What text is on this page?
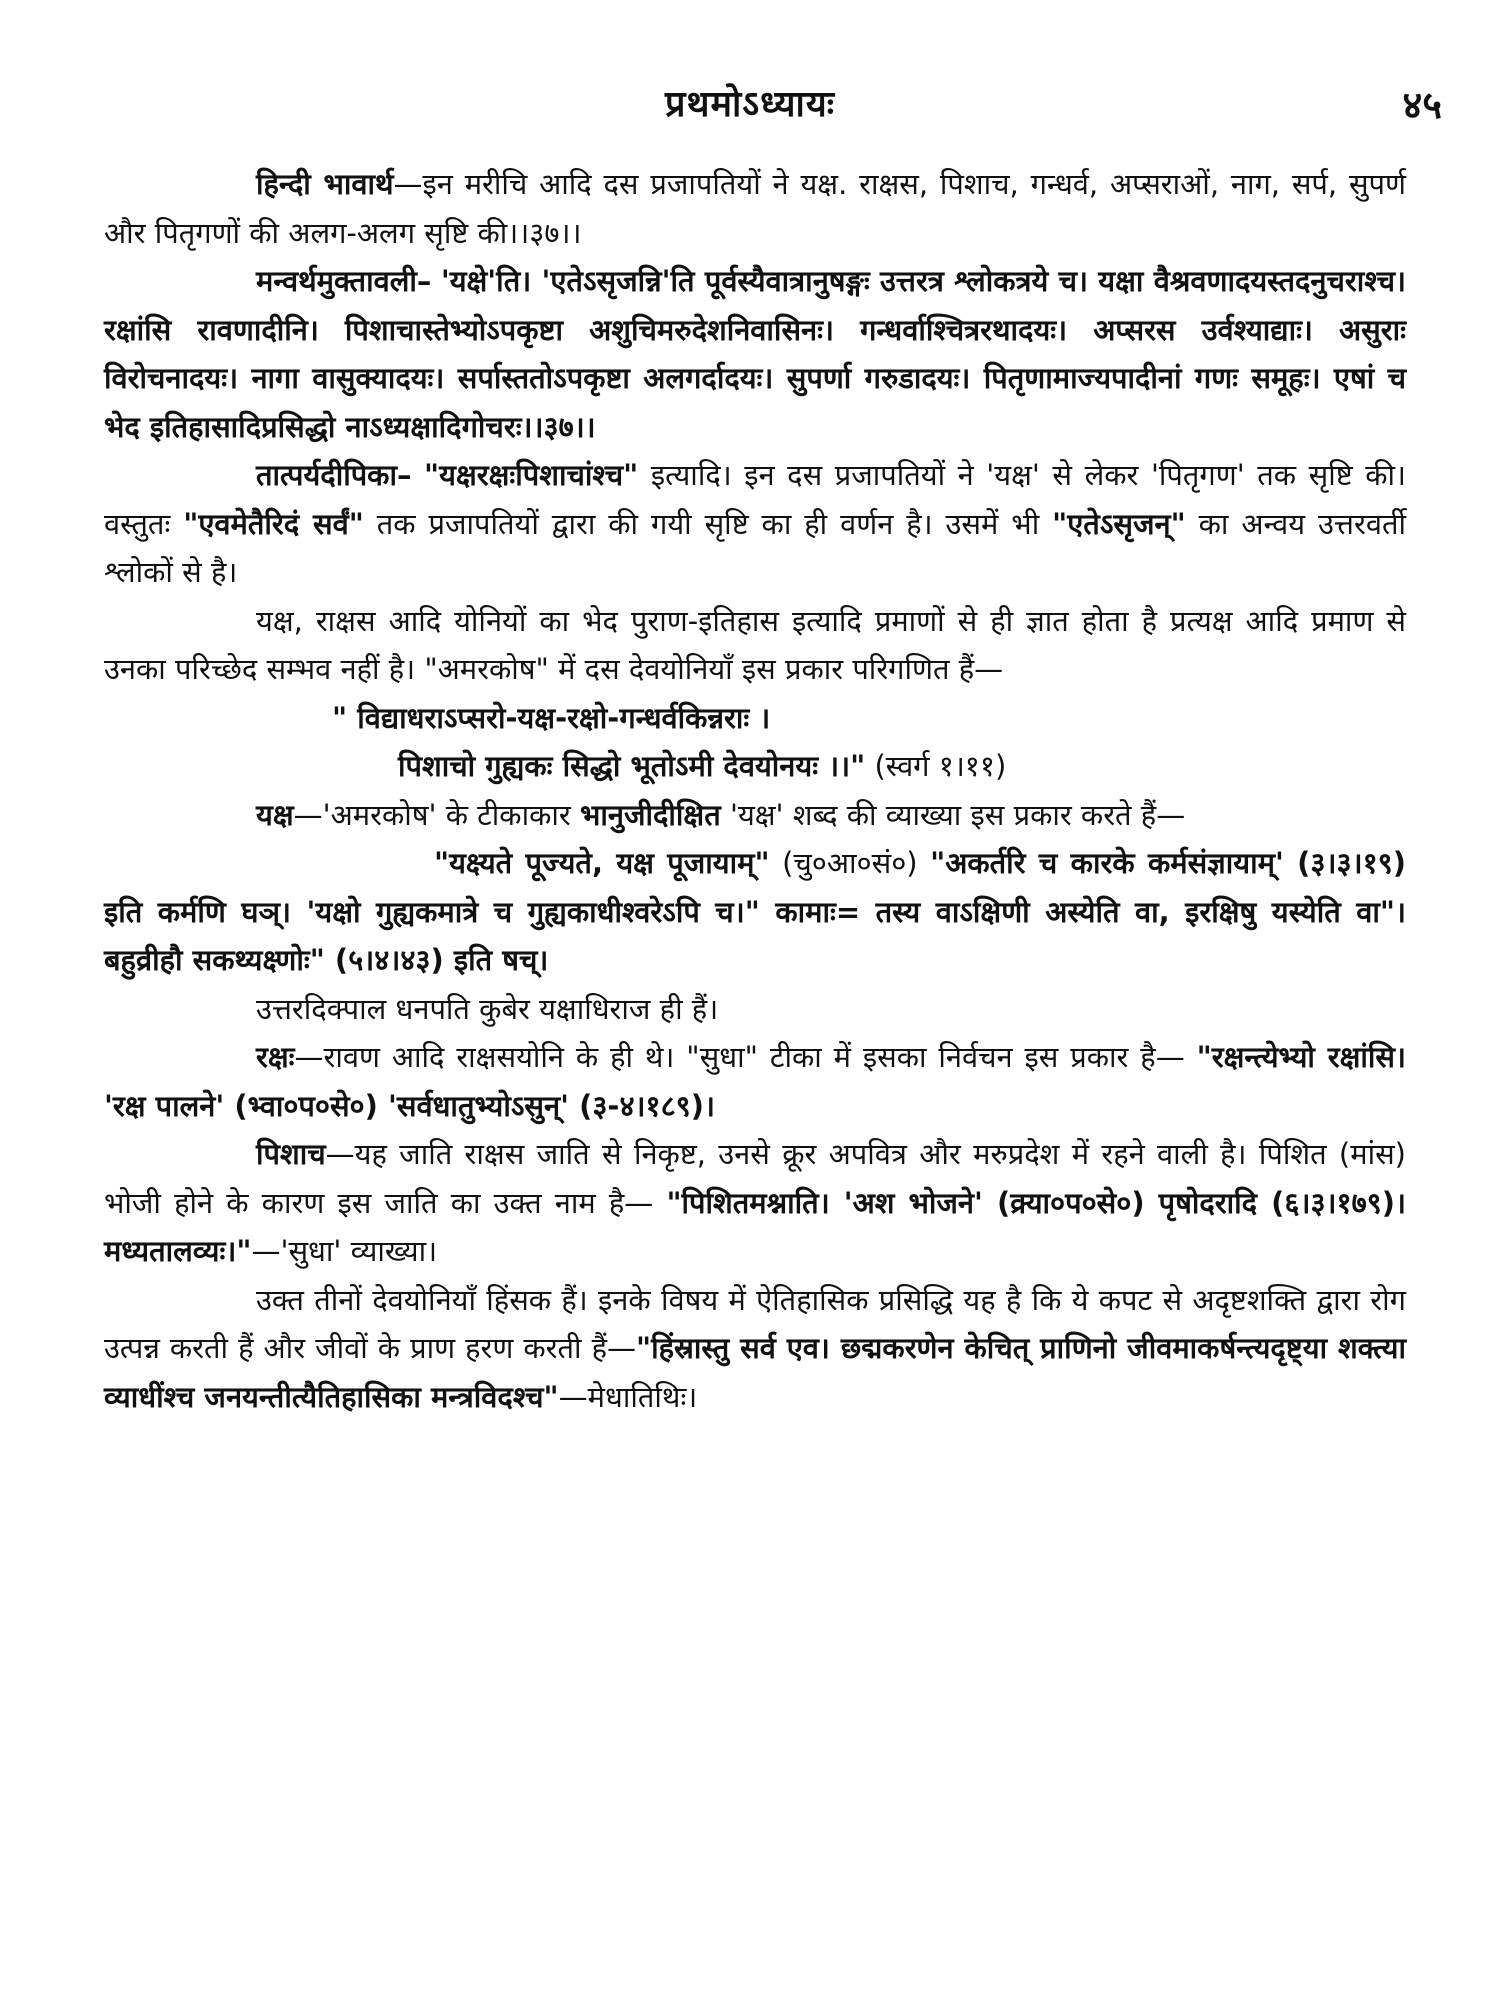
प्रथमोऽध्यायः	४५

हिन्दी भावार्थ—इन मरीचि आदि दस प्रजापतियों ने यक्ष. राक्षस, पिशाच, गन्धर्व, अप्सराओं, नाग, सर्प, सुपर्ण और पितृगणों की अलग-अलग सृष्टि की।।३७।।

मन्वर्थमुक्तावली– 'यक्षे'ति। 'एतेऽसृजन्नि'ति पूर्वस्यैवात्रानुषङ्गः उत्तरत्र श्लोकत्रये च। यक्षा वैश्रवणादयस्तदनुचराश्च। रक्षांसि रावणादीनि। पिशाचास्तेभ्योऽपकृष्टा अशुचिमरुदेशनिवासिनः। गन्धर्वाश्चित्ररथादयः। अप्सरस उर्वश्याद्याः। असुराः विरोचनादयः। नागा वासुक्यादयः। सर्पास्ततोऽपकृष्टा अलगर्दादयः। सुपर्णा गरुडादयः। पितृणामाज्यपादीनां गणः समूहः। एषां च भेद इतिहासादिप्रसिद्धो नाऽध्यक्षादिगोचरः।।३७।।

तात्पर्यदीपिका– "यक्षरक्षःपिशाचांश्च" इत्यादि। इन दस प्रजापतियों ने 'यक्ष' से लेकर 'पितृगण' तक सृष्टि की। वस्तुतः "एवमेतैरिदं सर्वं" तक प्रजापतियों द्वारा की गयी सृष्टि का ही वर्णन है। उसमें भी "एतेऽसृजन्" का अन्वय उत्तरवर्ती श्लोकों से है।

यक्ष, राक्षस आदि योनियों का भेद पुराण-इतिहास इत्यादि प्रमाणों से ही ज्ञात होता है प्रत्यक्ष आदि प्रमाण से उनका परिच्छेद सम्भव नहीं है। "अमरकोष" में दस देवयोनियाँ इस प्रकार परिगणित हैं—

" विद्याधराऽप्सरो-यक्ष-रक्षो-गन्धर्वकिन्नराः ।

पिशाचो गुह्यकः सिद्धो भूतोऽमी देवयोनयः ।।" (स्वर्ग १।११)

यक्ष—'अमरकोष' के टीकाकार भानुजीदीक्षित 'यक्ष' शब्द की व्याख्या इस प्रकार करते हैं—

"यक्ष्यते पूज्यते, यक्ष पूजायाम्" (चु०आ०सं०) "अकर्तरि च कारके कर्मसंज्ञायाम्' (३।३।१९) इति कर्मणि घञ्। 'यक्षो गुह्यकमात्रे च गुह्यकाधीश्वरेऽपि च।" कामाः= तस्य वाऽक्षिणी अस्येति वा, इरक्षिषु यस्येति वा"। बहुव्रीहौ सकथ्यक्ष्णोः" (५।४।४३) इति षच्।

उत्तरदिक्पाल धनपति कुबेर यक्षाधिराज ही हैं।

रक्षः—रावण आदि राक्षसयोनि के ही थे। "सुधा" टीका में इसका निर्वचन इस प्रकार है— "रक्षन्त्येभ्यो रक्षांसि। 'रक्ष पालने' (भ्वा०प०से०) 'सर्वधातुभ्योऽसुन्' (३-४।१८९)।

पिशाच—यह जाति राक्षस जाति से निकृष्ट, उनसे क्रूर अपवित्र और मरुप्रदेश में रहने वाली है। पिशित (मांस) भोजी होने के कारण इस जाति का उक्त नाम है— "पिशितमश्नाति। 'अश भोजने' (क्र्या०प०से०) पृषोदरादि (६।३।१७९)। मध्यतालव्यः।"—'सुधा' व्याख्या।

उक्त तीनों देवयोनियाँ हिंसक हैं। इनके विषय में ऐतिहासिक प्रसिद्धि यह है कि ये कपट से अदृष्टशक्ति द्वारा रोग उत्पन्न करती हैं और जीवों के प्राण हरण करती हैं—"हिंस्रास्तु सर्व एव। छद्मकरणेन केचित् प्राणिनो जीवमाकर्षन्त्यदृष्ट्या शक्त्या व्याधींश्च जनयन्तीत्यैतिहासिका मन्त्रविदश्च"—मेधातिथिः।
